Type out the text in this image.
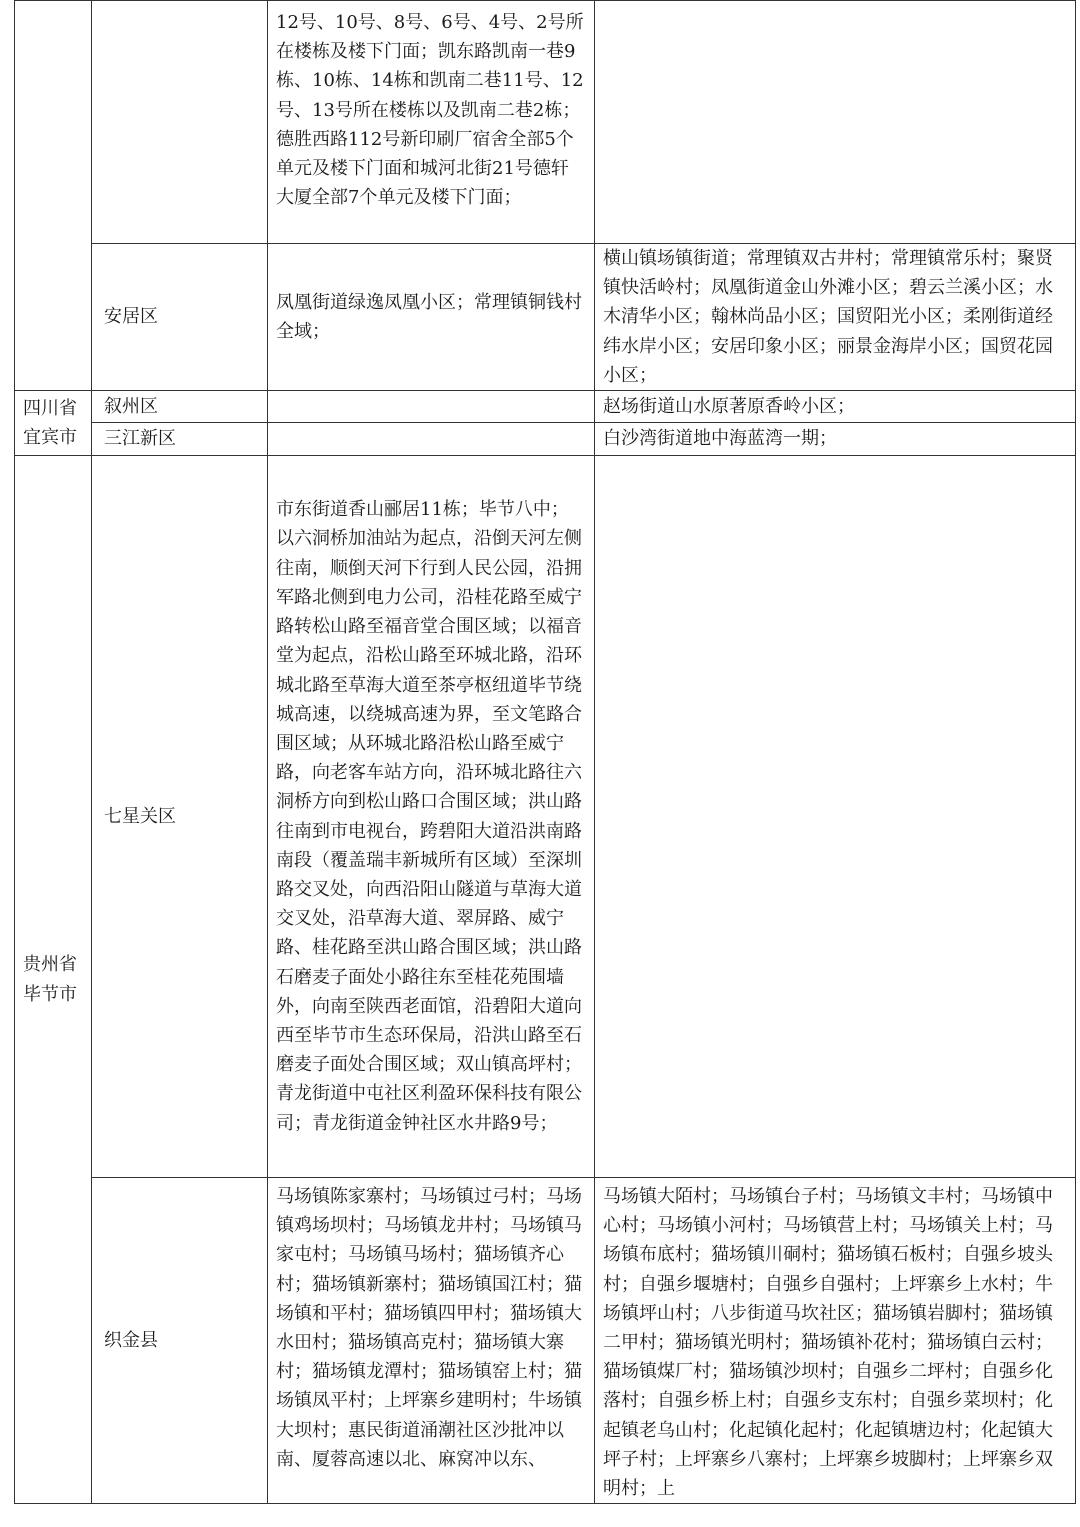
		12号、10号、8号、6号、4号、2号所在楼栋及楼下门面；凯东路凯南一巷9栋、10栋、14栋和凯南二巷11号、12号、13号所在楼栋以及凯南二巷2栋；德胜西路112号新印刷厂宿舍全部5个单元及楼下门面和城河北街21号德轩大厦全部7个单元及楼下门面；	
	安居区	凤凰街道绿逸凤凰小区；常理镇铜钱村全域；	横山镇场镇街道；常理镇双古井村；常理镇常乐村；聚贤镇快活岭村；凤凰街道金山外滩小区；碧云兰溪小区；水木清华小区；翰林尚品小区；国贸阳光小区；柔刚街道经纬水岸小区；安居印象小区；丽景金海岸小区；国贸花园小区；
四川省宜宾市	叙州区		赵场街道山水原著原香岭小区；
	三江新区		白沙湾街道地中海蓝湾一期；
贵州省毕节市	七星关区	市东街道香山郦居11栋；毕节八中；以六洞桥加油站为起点，沿倒天河左侧往南，顺倒天河下行到人民公园，沿拥军路北侧到电力公司，沿桂花路至威宁路转松山路至福音堂合围区域；以福音堂为起点，沿松山路至环城北路，沿环城北路至草海大道至茶亭枢纽道毕节绕城高速，以绕城高速为界，至文笔路合围区域；从环城北路沿松山路至威宁路，向老客车站方向，沿环城北路往六洞桥方向到松山路口合围区域；洪山路往南到市电视台，跨碧阳大道沿洪南路南段（覆盖瑞丰新城所有区域）至深圳路交叉处，向西沿阳山隧道与草海大道交叉处，沿草海大道、翠屏路、威宁路、桂花路至洪山路合围区域；洪山路石磨麦子面处小路往东至桂花苑围墙外，向南至陕西老面馆，沿碧阳大道向西至毕节市生态环保局，沿洪山路至石磨麦子面处合围区域；双山镇高坪村；青龙街道中屯社区利盈环保科技有限公司；青龙街道金钟社区水井路9号；	
	织金县	马场镇陈家寨村；马场镇过弓村；马场镇鸡场坝村；马场镇龙井村；马场镇马家屯村；马场镇马场村；猫场镇齐心村；猫场镇新寨村；猫场镇国江村；猫场镇和平村；猫场镇四甲村；猫场镇大水田村；猫场镇高克村；猫场镇大寨村；猫场镇龙潭村；猫场镇窑上村；猫场镇凤平村；上坪寨乡建明村；牛场镇大坝村；惠民街道涌潮社区沙批冲以南、厦蓉高速以北、麻窝冲以东、	马场镇大陌村；马场镇台子村；马场镇文丰村；马场镇中心村；马场镇小河村；马场镇营上村；马场镇关上村；马场镇布底村；猫场镇川硐村；猫场镇石板村；自强乡坡头村；自强乡堰塘村；自强乡自强村；上坪寨乡上水村；牛场镇坪山村；八步街道马坎社区；猫场镇岩脚村；猫场镇二甲村；猫场镇光明村；猫场镇补花村；猫场镇白云村；猫场镇煤厂村；猫场镇沙坝村；自强乡二坪村；自强乡化落村；自强乡桥上村；自强乡支东村；自强乡菜坝村；化起镇老乌山村；化起镇化起村；化起镇塘边村；化起镇大坪子村；上坪寨乡八寨村；上坪寨乡坡脚村；上坪寨乡双明村；上
